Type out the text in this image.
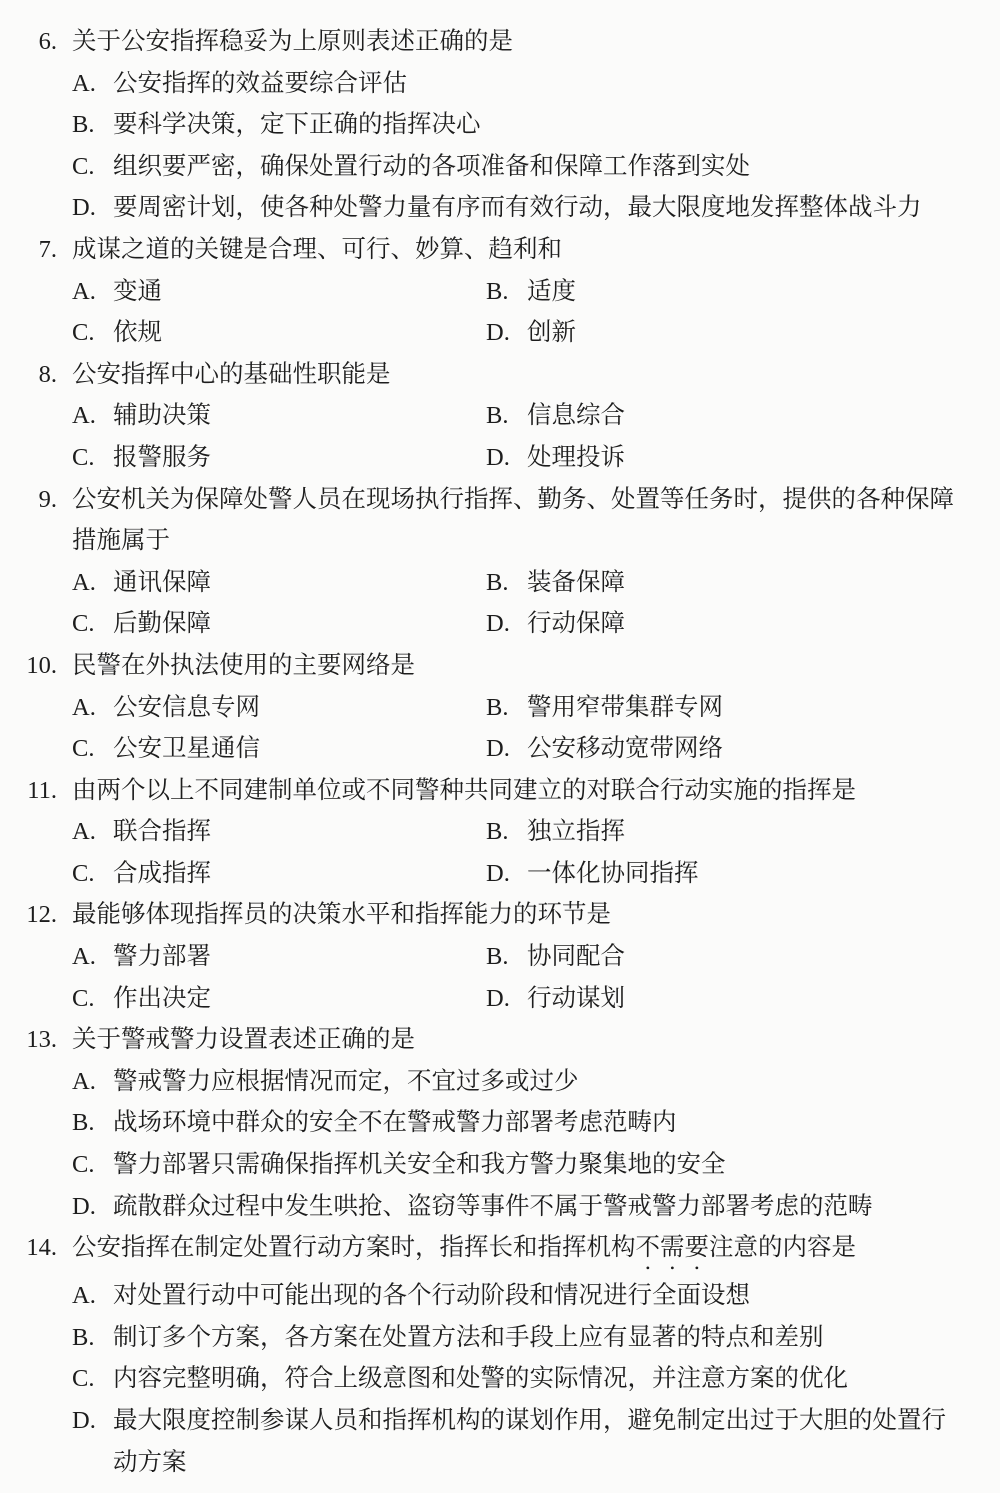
6. 关于公安指挥稳妥为上原则表述正确的是

A. 公安指挥的效益要综合评估
B. 要科学决策，定下正确的指挥决心
C. 组织要严密，确保处置行动的各项准备和保障工作落到实处
D. 要周密计划，使各种处警力量有序而有效行动，最大限度地发挥整体战斗力
7. 成谋之道的关键是合理、可行、妙算、趋利和

A. 变通	B. 适度
C. 依规	D. 创新
8. 公安指挥中心的基础性职能是

A. 辅助决策	B. 信息综合
C. 报警服务	D. 处理投诉
9. 公安机关为保障处警人员在现场执行指挥、勤务、处置等任务时，提供的各种保障措施属于

A. 通讯保障	B. 装备保障
C. 后勤保障	D. 行动保障
10. 民警在外执法使用的主要网络是

A. 公安信息专网	B. 警用窄带集群专网
C. 公安卫星通信	D. 公安移动宽带网络
11. 由两个以上不同建制单位或不同警种共同建立的对联合行动实施的指挥是

A. 联合指挥	B. 独立指挥
C. 合成指挥	D. 一体化协同指挥
12. 最能够体现指挥员的决策水平和指挥能力的环节是

A. 警力部署	B. 协同配合
C. 作出决定	D. 行动谋划
13. 关于警戒警力设置表述正确的是

A. 警戒警力应根据情况而定，不宜过多或过少
B. 战场环境中群众的安全不在警戒警力部署考虑范畴内
C. 警力部署只需确保指挥机关安全和我方警力聚集地的安全
D. 疏散群众过程中发生哄抢、盗窃等事件不属于警戒警力部署考虑的范畴
14. 公安指挥在制定处置行动方案时，指挥长和指挥机构不需要注意的内容是

A. 对处置行动中可能出现的各个行动阶段和情况进行全面设想
B. 制订多个方案，各方案在处置方法和手段上应有显著的特点和差别
C. 内容完整明确，符合上级意图和处警的实际情况，并注意方案的优化
D. 最大限度控制参谋人员和指挥机构的谋划作用，避免制定出过于大胆的处置行动方案
